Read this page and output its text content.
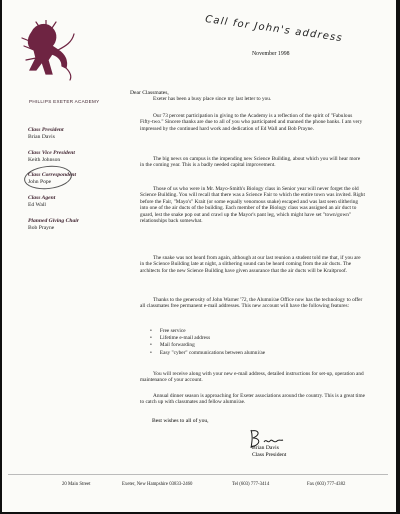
PHILLIPS EXETER ACADEMY
Call for John's address
Class President
Brian Davis
Class Vice President
Keith Johnson
Class Correspondent
John Pope
Class Agent
Ed Wall
Planned Giving Chair
Bob Prayne
November 1998
Dear Classmates,

Exeter has been a busy place since my last letter to you.

Our 73 percent participation in giving to the Academy is a reflection of the spirit of "Fabulous Fifty-two." Sincere thanks are due to all of you who participated and manned the phone banks. I am very impressed by the continued hard work and dedication of Ed Wall and Bob Prayne.

The big news on campus is the impending new Science Building, about which you will hear more in the coming year. This is a badly needed capital improvement.

Those of us who were in Mr. Mayo-Smith's Biology class in Senior year will never forget the old Science Building. You will recall that there was a Science Fair to which the entire town was invited. Right before the Fair, "Mayo's" Krait (or some equally venomous snake) escaped and was last seen slithering into one of the air ducts of the building. Each member of the Biology class was assigned an air duct to guard, lest the snake pop out and crawl up the Mayor's pant leg, which might have set "town/gown" relationships back somewhat.

The snake was not heard from again, although at our last reunion a student told me that, if you are in the Science Building late at night, a slithering sound can be heard coming from the air ducts. The architects for the new Science Building have given assurance that the air ducts will be Kraitproof.

Thanks to the generosity of John Warner '72, the Alumni/ae Office now has the technology to offer all classmates free permanent e-mail addresses. This new account will have the following features:

• Free service
• Lifetime e-mail address
• Mail forwarding
• Easy "cyber" communications between alumni/ae

You will receive along with your new e-mail address, detailed instructions for set-up, operation and maintenance of your account.

Annual dinner season is approaching for Exeter associations around the country. This is a great time to catch up with classmates and fellow alumni/ae.

Best wishes to all of you,
Brian Davis
Class President
20 Main Street	Exeter, New Hampshire 03833-2460	Tel (603) 777-3414	Fax (603) 777-4382
